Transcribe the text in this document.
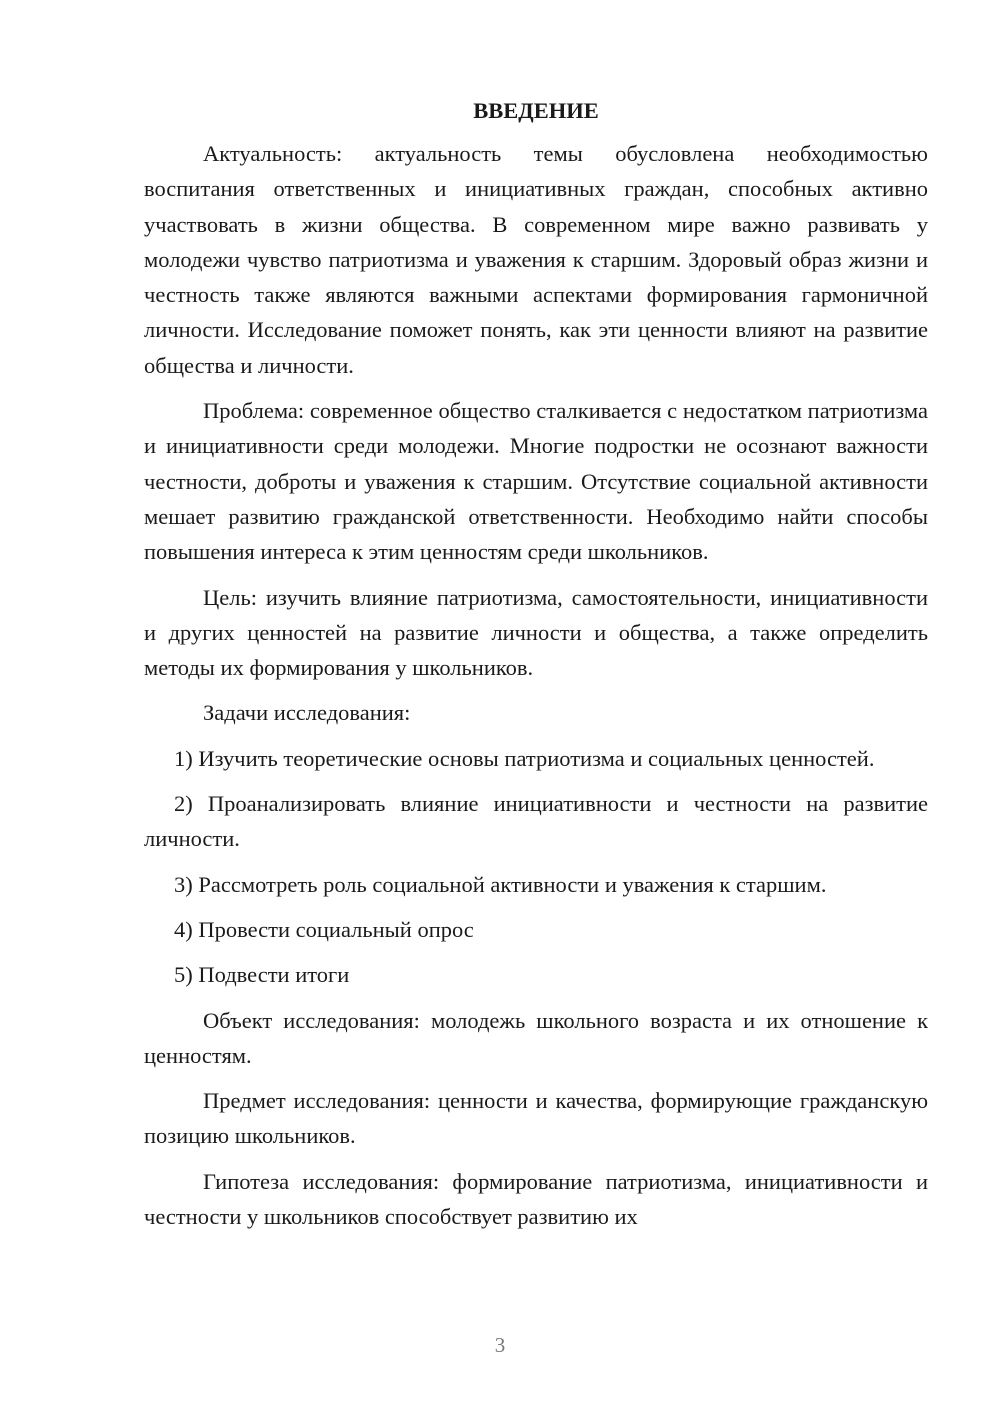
ВВЕДЕНИЕ

Актуальность: актуальность темы обусловлена необходимостью воспитания ответственных и инициативных граждан, способных активно участвовать в жизни общества. В современном мире важно развивать у молодежи чувство патриотизма и уважения к старшим. Здоровый образ жизни и честность также являются важными аспектами формирования гармоничной личности. Исследование поможет понять, как эти ценности влияют на развитие общества и личности.

Проблема: современное общество сталкивается с недостатком патриотизма и инициативности среди молодежи. Многие подростки не осознают важности честности, доброты и уважения к старшим. Отсутствие социальной активности мешает развитию гражданской ответственности. Необходимо найти способы повышения интереса к этим ценностям среди школьников.

Цель: изучить влияние патриотизма, самостоятельности, инициативности и других ценностей на развитие личности и общества, а также определить методы их формирования у школьников.

Задачи исследования:

1) Изучить теоретические основы патриотизма и социальных ценностей.

2) Проанализировать влияние инициативности и честности на развитие личности.

3) Рассмотреть роль социальной активности и уважения к старшим.

4) Провести социальный опрос

5) Подвести итоги

Объект исследования: молодежь школьного возраста и их отношение к ценностям.

Предмет исследования: ценности и качества, формирующие гражданскую позицию школьников.

Гипотеза исследования: формирование патриотизма, инициативности и честности у школьников способствует развитию их

3
